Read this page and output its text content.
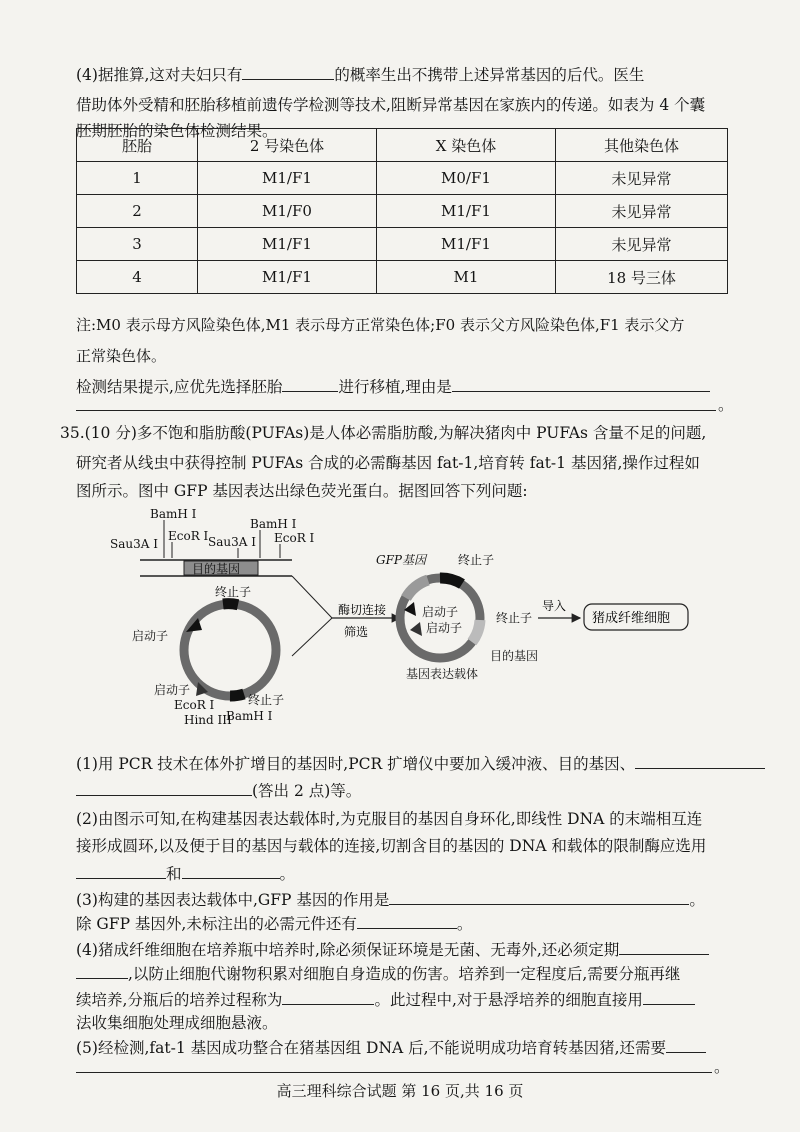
(4)据推算,这对夫妇只有	的概率生出不携带上述异常基因的后代。医生
借助体外受精和胚胎移植前遗传学检测等技术,阻断异常基因在家族内的传递。如表为 4 个囊
胚期胚胎的染色体检测结果。
胚胎	2 号染色体	X 染色体	其他染色体
1	M1/F1	M0/F1	未见异常
2	M1/F0	M1/F1	未见异常
3	M1/F1	M1/F1	未见异常
4	M1/F1	M1	18 号三体
注:M0 表示母方风险染色体,M1 表示母方正常染色体;F0 表示父方风险染色体,F1 表示父方
正常染色体。
检测结果提示,应优先选择胚胎	进行移植,理由是
。
35.(10 分)多不饱和脂肪酸(PUFAs)是人体必需脂肪酸,为解决猪肉中 PUFAs 含量不足的问题,
研究者从线虫中获得控制 PUFAs 合成的必需酶基因 fat-1,培育转 fat-1 基因猪,操作过程如
图所示。图中 GFP 基因表达出绿色荧光蛋白。据图回答下列问题:
BamH I
Sau3A I
EcoR I Sau3A I
BamH I
EcoR I
目的基因
终止子
启动子
启动子
终止子
EcoR I
Hind III
BamH I
酶切连接
筛选
GFP基因	终止子
启动子
启动子
终止子
目的基因
基因表达载体
导入
猪成纤维细胞
(1)用 PCR 技术在体外扩增目的基因时,PCR 扩增仪中要加入缓冲液、目的基因、
(答出 2 点)等。
(2)由图示可知,在构建基因表达载体时,为克服目的基因自身环化,即线性 DNA 的末端相互连
接形成圆环,以及便于目的基因与载体的连接,切割含目的基因的 DNA 和载体的限制酶应选用
和	。
(3)构建的基因表达载体中,GFP 基因的作用是	。
除 GFP 基因外,未标注出的必需元件还有	。
(4)猪成纤维细胞在培养瓶中培养时,除必须保证环境是无菌、无毒外,还必须定期
,以防止细胞代谢物积累对细胞自身造成的伤害。培养到一定程度后,需要分瓶再继
续培养,分瓶后的培养过程称为	。此过程中,对于悬浮培养的细胞直接用
法收集细胞处理成细胞悬液。
(5)经检测,fat-1 基因成功整合在猪基因组 DNA 后,不能说明成功培育转基因猪,还需要
。
高三理科综合试题 第 16 页,共 16 页
